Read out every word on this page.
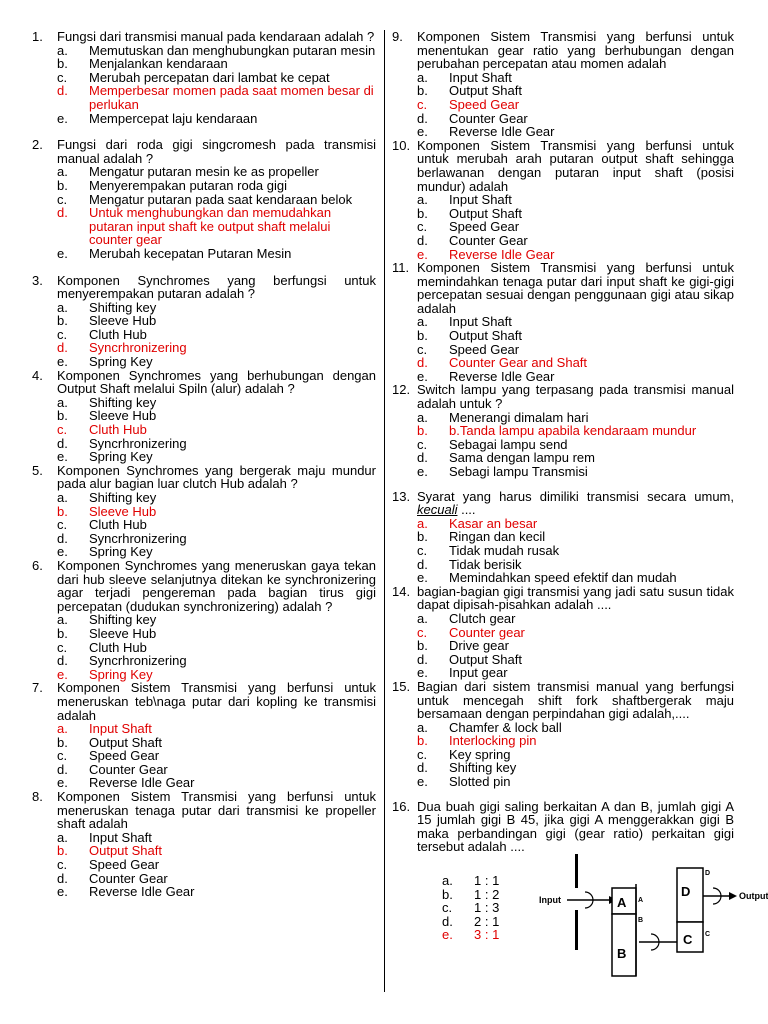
1. Fungsi dari transmisi manual pada kendaraan adalah ?
a. Memutuskan dan menghubungkan putaran mesin
b. Menjalankan kendaraan
c. Merubah percepatan dari lambat ke cepat
d. Memperbesar momen pada saat momen besar di perlukan
e. Mempercepat laju kendaraan
2. Fungsi dari roda gigi singcromesh pada transmisi manual adalah ?
a. Mengatur putaran mesin ke as propeller
b. Menyerempakan putaran roda gigi
c. Mengatur putaran pada saat kendaraan belok
d. Untuk menghubungkan dan memudahkan putaran input shaft ke output shaft melalui counter gear
e. Merubah kecepatan Putaran Mesin
3. Komponen Synchromes yang berfungsi untuk menyerempakan putaran adalah ?
a. Shifting key
b. Sleeve Hub
c. Cluth Hub
d. Syncrhronizering
e. Spring Key
4. Komponen Synchromes yang berhubungan dengan Output Shaft melalui Spiln (alur) adalah ?
a. Shifting key
b. Sleeve Hub
c. Cluth Hub
d. Syncrhronizering
e. Spring Key
5. Komponen Synchromes yang bergerak maju mundur pada alur bagian luar clutch Hub adalah ?
a. Shifting key
b. Sleeve Hub
c. Cluth Hub
d. Syncrhronizering
e. Spring Key
6. Komponen Synchromes yang meneruskan gaya tekan dari hub sleeve selanjutnya ditekan ke synchronizering agar terjadi pengereman pada bagian tirus gigi percepatan (dudukan synchronizering) adalah ?
a. Shifting key
b. Sleeve Hub
c. Cluth Hub
d. Syncrhronizering
e. Spring Key
7. Komponen Sistem Transmisi yang berfunsi untuk meneruskan teb\naga putar dari kopling ke transmisi adalah
a. Input Shaft
b. Output Shaft
c. Speed Gear
d. Counter Gear
e. Reverse Idle Gear
8. Komponen Sistem Transmisi yang berfunsi untuk meneruskan tenaga putar dari transmisi ke propeller shaft adalah
a. Input Shaft
b. Output Shaft
c. Speed Gear
d. Counter Gear
e. Reverse Idle Gear
9. Komponen Sistem Transmisi yang berfunsi untuk menentukan gear ratio yang berhubungan dengan perubahan percepatan atau momen adalah
a. Input Shaft
b. Output Shaft
c. Speed Gear
d. Counter Gear
e. Reverse Idle Gear
10. Komponen Sistem Transmisi yang berfunsi untuk untuk merubah arah putaran output shaft sehingga berlawanan dengan putaran input shaft (posisi mundur) adalah
a. Input Shaft
b. Output Shaft
c. Speed Gear
d. Counter Gear
e. Reverse Idle Gear
11. Komponen Sistem Transmisi yang berfunsi untuk memindahkan tenaga putar dari input shaft ke gigi-gigi percepatan sesuai dengan penggunaan gigi atau sikap adalah
a. Input Shaft
b. Output Shaft
c. Speed Gear
d. Counter Gear and Shaft
e. Reverse Idle Gear
12. Switch lampu yang terpasang pada transmisi manual adalah untuk ?
a. Menerangi dimalam hari
b. b.Tanda lampu apabila kendaraam mundur
c. Sebagai lampu send
d. Sama dengan lampu rem
e. Sebagi lampu Transmisi
13. Syarat yang harus dimiliki transmisi secara umum, kecuali ....
a. Kasar an besar
b. Ringan dan kecil
c. Tidak mudah rusak
d. Tidak berisik
e. Memindahkan speed efektif dan mudah
14. bagian-bagian gigi transmisi yang jadi satu susun tidak dapat dipisah-pisahkan adalah ....
a. Clutch gear
c. Counter gear
b. Drive gear
d. Output Shaft
e. Input gear
15. Bagian dari sistem transmisi manual yang berfungsi untuk mencegah shift fork shaftbergerak maju bersamaan dengan perpindahan gigi adalah,....
a. Chamfer & lock ball
b. Interlocking pin
c. Key spring
d. Shifting key
e. Slotted pin
16. Dua buah gigi saling berkaitan A dan B, jumlah gigi A 15 jumlah gigi B 45, jika gigi A menggerakkan gigi B maka perbandingan gigi (gear ratio) perkaitan gigi tersebut adalah ....
a. 1 : 1
b. 1 : 2
c. 1 : 3
d. 2 : 1
e. 3 : 1
Input	Output
A
B
D
C
A
B
C
D
